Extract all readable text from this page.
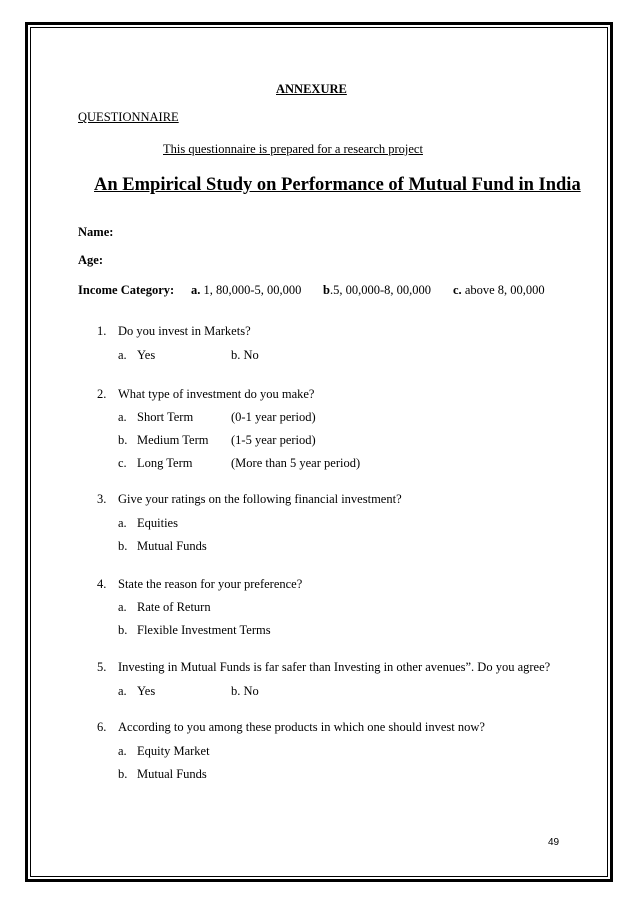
ANNEXURE
QUESTIONNAIRE
This questionnaire is prepared for a research project
An Empirical Study on Performance of Mutual Fund in India
Name:
Age:
Income Category: a. 1, 80,000-5, 00,000 b.5, 00,000-8, 00,000 c. above 8, 00,000
1. Do you invest in Markets?
a. Yes	b. No
2. What type of investment do you make?
a. Short Term	(0-1 year period)
b. Medium Term (1-5 year period)
c. Long Term	(More than 5 year period)
3. Give your ratings on the following financial investment?
a. Equities
b. Mutual Funds
4. State the reason for your preference?
a. Rate of Return
b. Flexible Investment Terms
5. Investing in Mutual Funds is far safer than Investing in other avenues”. Do you agree?
a. Yes	b. No
6. According to you among these products in which one should invest now?
a. Equity Market
b. Mutual Funds
49
